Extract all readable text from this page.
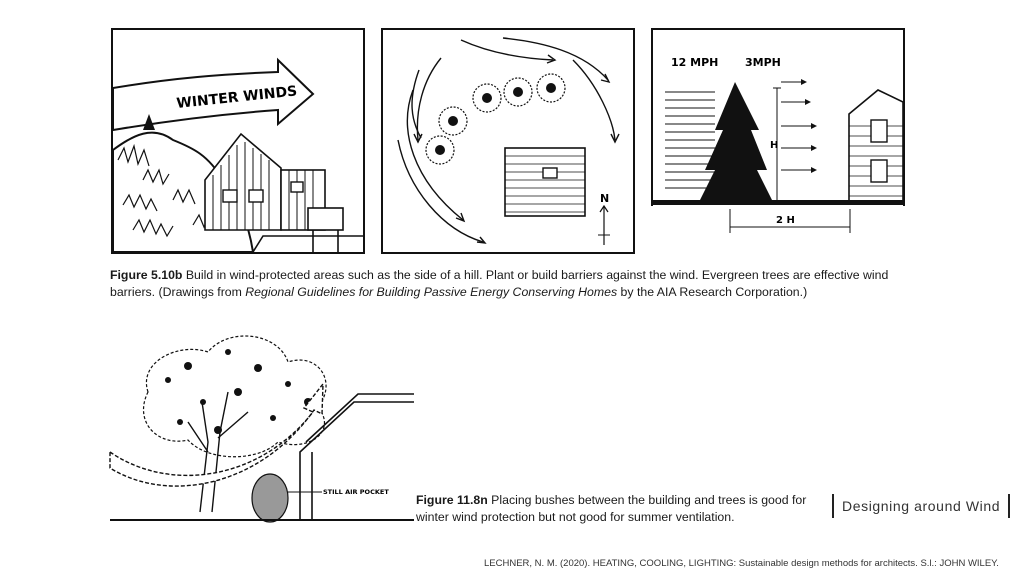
WINTER WINDS
N
12 MPH 3MPH
H
2 H
Figure 5.10b Build in wind-protected areas such as the side of a hill. Plant or build barriers against the wind. Evergreen trees are effective wind barriers. (Drawings from Regional Guidelines for Building Passive Energy Conserving Homes by the AIA Research Corporation.)
STILL AIR POCKET
Figure 11.8n Placing bushes between the building and trees is good for winter wind protection but not good for summer ventilation.
Designing around Wind
LECHNER, N. M. (2020). HEATING, COOLING, LIGHTING: Sustainable design methods for architects. S.l.: JOHN WILEY.
